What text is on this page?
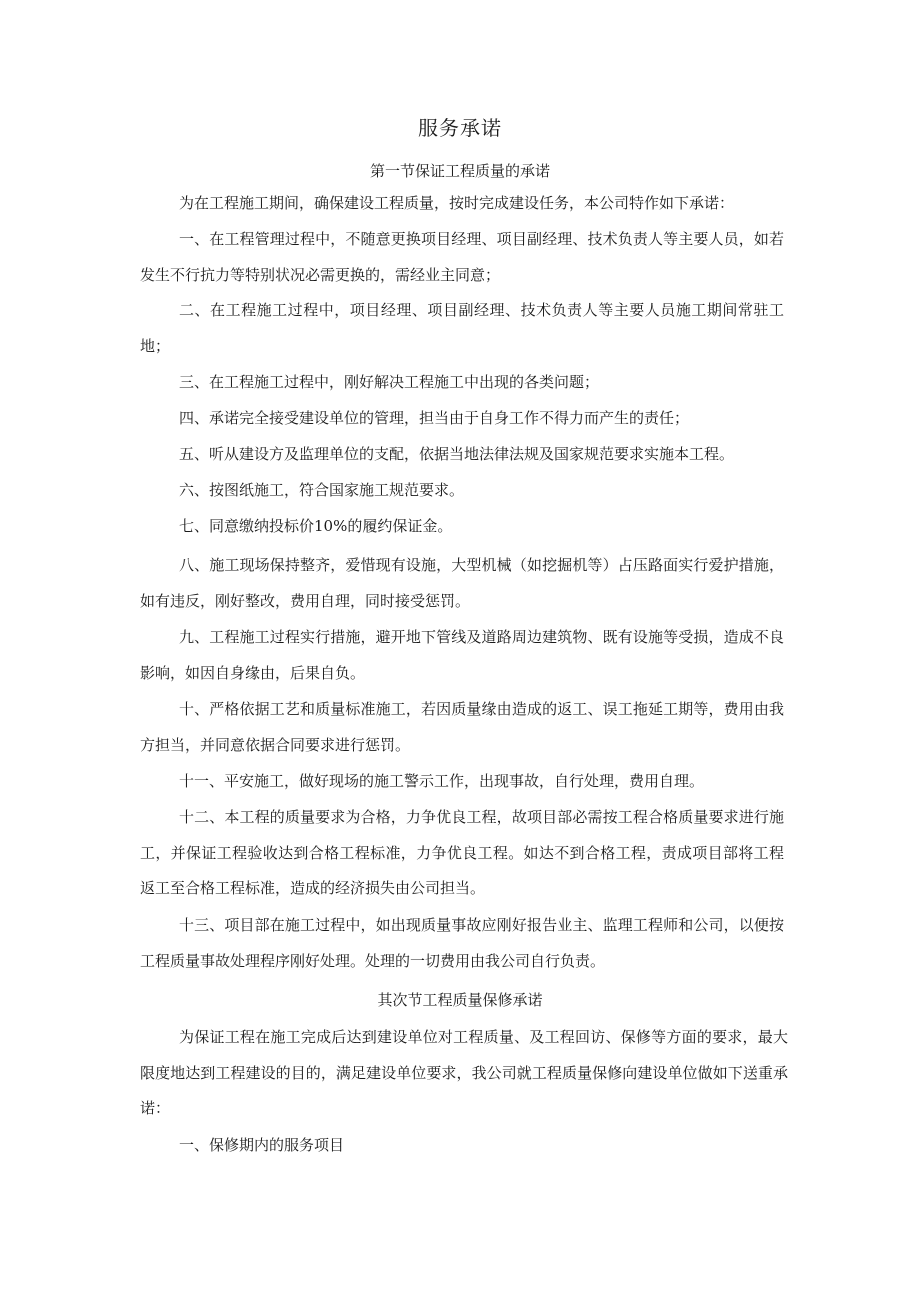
服务承诺
第一节保证工程质量的承诺

为在工程施工期间，确保建设工程质量，按时完成建设任务，本公司特作如下承诺：

一、在工程管理过程中，不随意更换项目经理、项目副经理、技术负责人等主要人员，如若发生不行抗力等特别状况必需更换的，需经业主同意；

二、在工程施工过程中，项目经理、项目副经理、技术负责人等主要人员施工期间常驻工地；

三、在工程施工过程中，刚好解决工程施工中出现的各类问题；

四、承诺完全接受建设单位的管理，担当由于自身工作不得力而产生的责任；

五、听从建设方及监理单位的支配，依据当地法律法规及国家规范要求实施本工程。

六、按图纸施工，符合国家施工规范要求。

七、同意缴纳投标价10%的履约保证金。

八、施工现场保持整齐，爱惜现有设施，大型机械（如挖掘机等）占压路面实行爱护措施，如有违反，刚好整改，费用自理，同时接受惩罚。

九、工程施工过程实行措施，避开地下管线及道路周边建筑物、既有设施等受损，造成不良影响，如因自身缘由，后果自负。

十、严格依据工艺和质量标准施工，若因质量缘由造成的返工、误工拖延工期等，费用由我方担当，并同意依据合同要求进行惩罚。

十一、平安施工，做好现场的施工警示工作，出现事故，自行处理，费用自理。

十二、本工程的质量要求为合格，力争优良工程，故项目部必需按工程合格质量要求进行施工，并保证工程验收达到合格工程标准，力争优良工程。如达不到合格工程，责成项目部将工程返工至合格工程标准，造成的经济损失由公司担当。

十三、项目部在施工过程中，如出现质量事故应刚好报告业主、监理工程师和公司，以便按工程质量事故处理程序刚好处理。处理的一切费用由我公司自行负责。

其次节工程质量保修承诺

为保证工程在施工完成后达到建设单位对工程质量、及工程回访、保修等方面的要求，最大限度地达到工程建设的目的，满足建设单位要求，我公司就工程质量保修向建设单位做如下送重承诺：

一、保修期内的服务项目
